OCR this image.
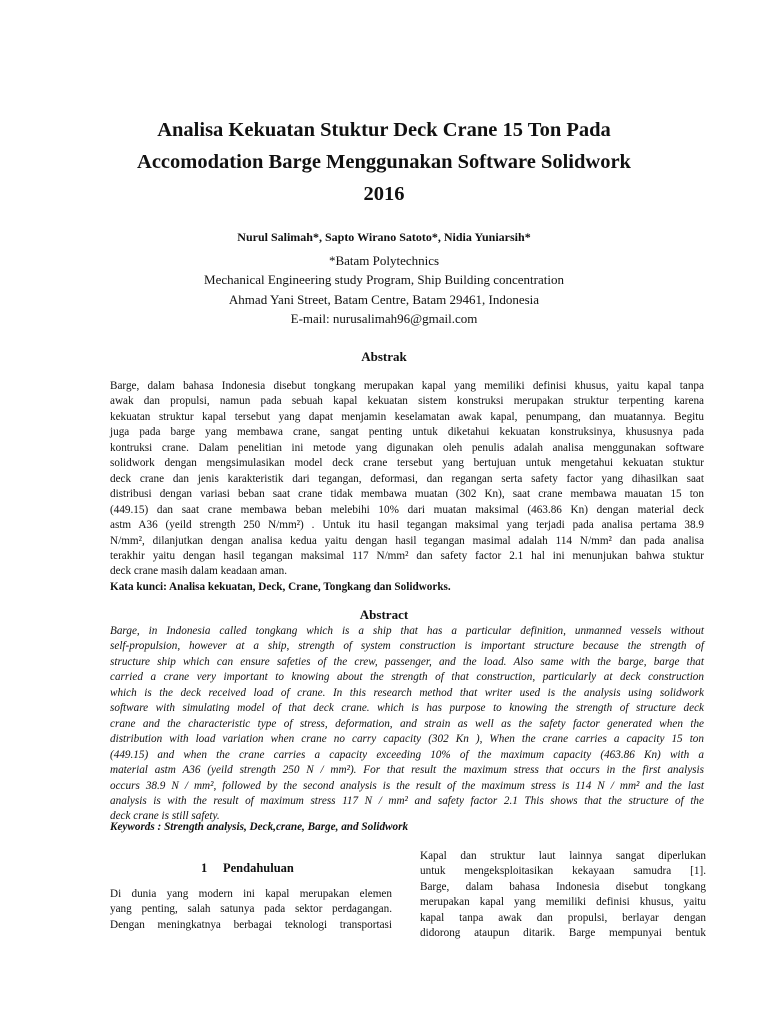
Analisa Kekuatan Stuktur Deck Crane 15 Ton Pada
Accomodation Barge Menggunakan Software Solidwork
2016
Nurul Salimah*, Sapto Wirano Satoto*, Nidia Yuniarsih*
*Batam Polytechnics
Mechanical Engineering study Program, Ship Building concentration
Ahmad Yani Street, Batam Centre, Batam 29461, Indonesia
E-mail: nurusalimah96@gmail.com
Abstrak
Barge, dalam bahasa Indonesia disebut tongkang merupakan kapal yang memiliki definisi khusus, yaitu kapal tanpa
awak dan propulsi, namun pada sebuah kapal kekuatan sistem konstruksi merupakan struktur terpenting karena
kekuatan struktur kapal tersebut yang dapat menjamin keselamatan awak kapal, penumpang, dan muatannya. Begitu
juga pada barge yang membawa crane, sangat penting untuk diketahui kekuatan konstruksinya, khususnya pada
kontruksi crane. Dalam penelitian ini metode yang digunakan oleh penulis adalah analisa menggunakan software
solidwork dengan mengsimulasikan model deck crane tersebut yang bertujuan untuk mengetahui kekuatan stuktur
deck crane dan jenis karakteristik dari tegangan, deformasi, dan regangan serta safety factor yang dihasilkan saat
distribusi dengan variasi beban saat crane tidak membawa muatan (302 Kn), saat crane membawa mauatan 15 ton
(449.15) dan saat crane membawa beban melebihi 10% dari muatan maksimal (463.86 Kn) dengan material deck
astm A36 (yeild strength 250 N/mm²) . Untuk itu hasil tegangan maksimal yang terjadi pada analisa pertama 38.9
N/mm², dilanjutkan dengan analisa kedua yaitu dengan hasil tegangan masimal adalah 114 N/mm² dan pada analisa
terakhir yaitu dengan hasil tegangan maksimal 117 N/mm² dan safety factor 2.1 hal ini menunjukan bahwa stuktur
deck crane masih dalam keadaan aman.
Kata kunci: Analisa kekuatan, Deck, Crane, Tongkang dan Solidworks.
Abstract
Barge, in Indonesia called tongkang which is a ship that has a particular definition, unmanned vessels without
self-propulsion, however at a ship, strength of system construction is important structure because the strength of
structure ship which can ensure safeties of the crew, passenger, and the load. Also same with the barge, barge that
carried a crane very important to knowing about the strength of that construction, particularly at deck construction
which is the deck received load of crane. In this research method that writer used is the analysis using solidwork
software with simulating model of that deck crane. which is has purpose to knowing the strength of structure deck
crane and the characteristic type of stress, deformation, and strain as well as the safety factor generated when the
distribution with load variation when crane no carry capacity (302 Kn ), When the crane carries a capacity 15 ton
(449.15) and when the crane carries a capacity exceeding 10% of the maximum capacity (463.86 Kn) with a
material astm A36 (yeild strength 250 N / mm²). For that result the maximum stress that occurs in the first analysis
occurs 38.9 N / mm², followed by the second analysis is the result of the maximum stress is 114 N / mm² and the last
analysis is with the result of maximum stress 117 N / mm² and safety factor 2.1 This shows that the structure of the
deck crane is still safety.
Keywords : Strength analysis, Deck,crane, Barge, and Solidwork
1 Pendahuluan
Di dunia yang modern ini kapal merupakan elemen
yang penting, salah satunya pada sektor perdagangan.
Dengan meningkatnya berbagai teknologi transportasi
Kapal dan struktur laut lainnya sangat diperlukan
untuk mengeksploitasikan kekayaan samudra [1].
Barge, dalam bahasa Indonesia disebut tongkang
merupakan kapal yang memiliki definisi khusus, yaitu
kapal tanpa awak dan propulsi, berlayar dengan
didorong ataupun ditarik. Barge mempunyai bentuk
